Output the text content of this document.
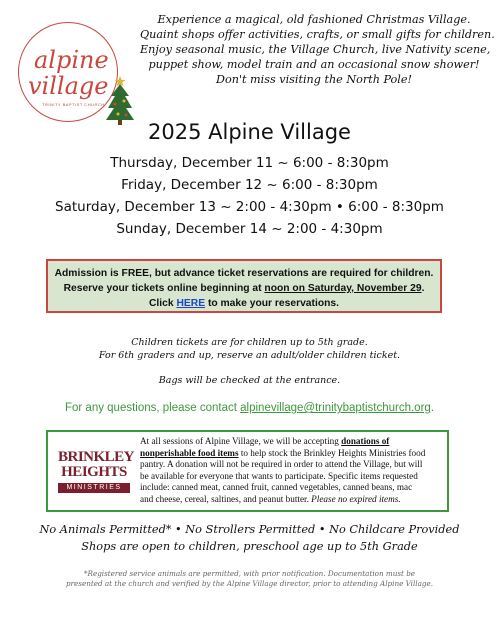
alpine
village
TRINITY BAPTIST CHURCH
Experience a magical, old fashioned Christmas Village.
Quaint shops offer activities, crafts, or small gifts for children.
Enjoy seasonal music, the Village Church, live Nativity scene,
puppet show, model train and an occasional snow shower!
Don't miss visiting the North Pole!
2025 Alpine Village
Thursday, December 11 ~ 6:00 - 8:30pm
Friday, December 12 ~ 6:00 - 8:30pm
Saturday, December 13 ~ 2:00 - 4:30pm • 6:00 - 8:30pm
Sunday, December 14 ~ 2:00 - 4:30pm
Admission is FREE, but advance ticket reservations are required for children.
Reserve your tickets online beginning at noon on Saturday, November 29.
Click HERE to make your reservations.
Children tickets are for children up to 5th grade.
For 6th graders and up, reserve an adult/older children ticket.
Bags will be checked at the entrance.
For any questions, please contact alpinevillage@trinitybaptistchurch.org.
BRINKLEY
HEIGHTS
MINISTRIES
At all sessions of Alpine Village, we will be accepting donations of
nonperishable food items to help stock the Brinkley Heights Ministries food
pantry. A donation will not be required in order to attend the Village, but will
be available for everyone that wants to participate. Specific items requested
include: canned meat, canned fruit, canned vegetables, canned beans, mac
and cheese, cereal, saltines, and peanut butter. Please no expired items.
No Animals Permitted* • No Strollers Permitted • No Childcare Provided
Shops are open to children, preschool age up to 5th Grade
*Registered service animals are permitted, with prior notification. Documentation must be
presented at the church and verified by the Alpine Village director, prior to attending Alpine Village.
